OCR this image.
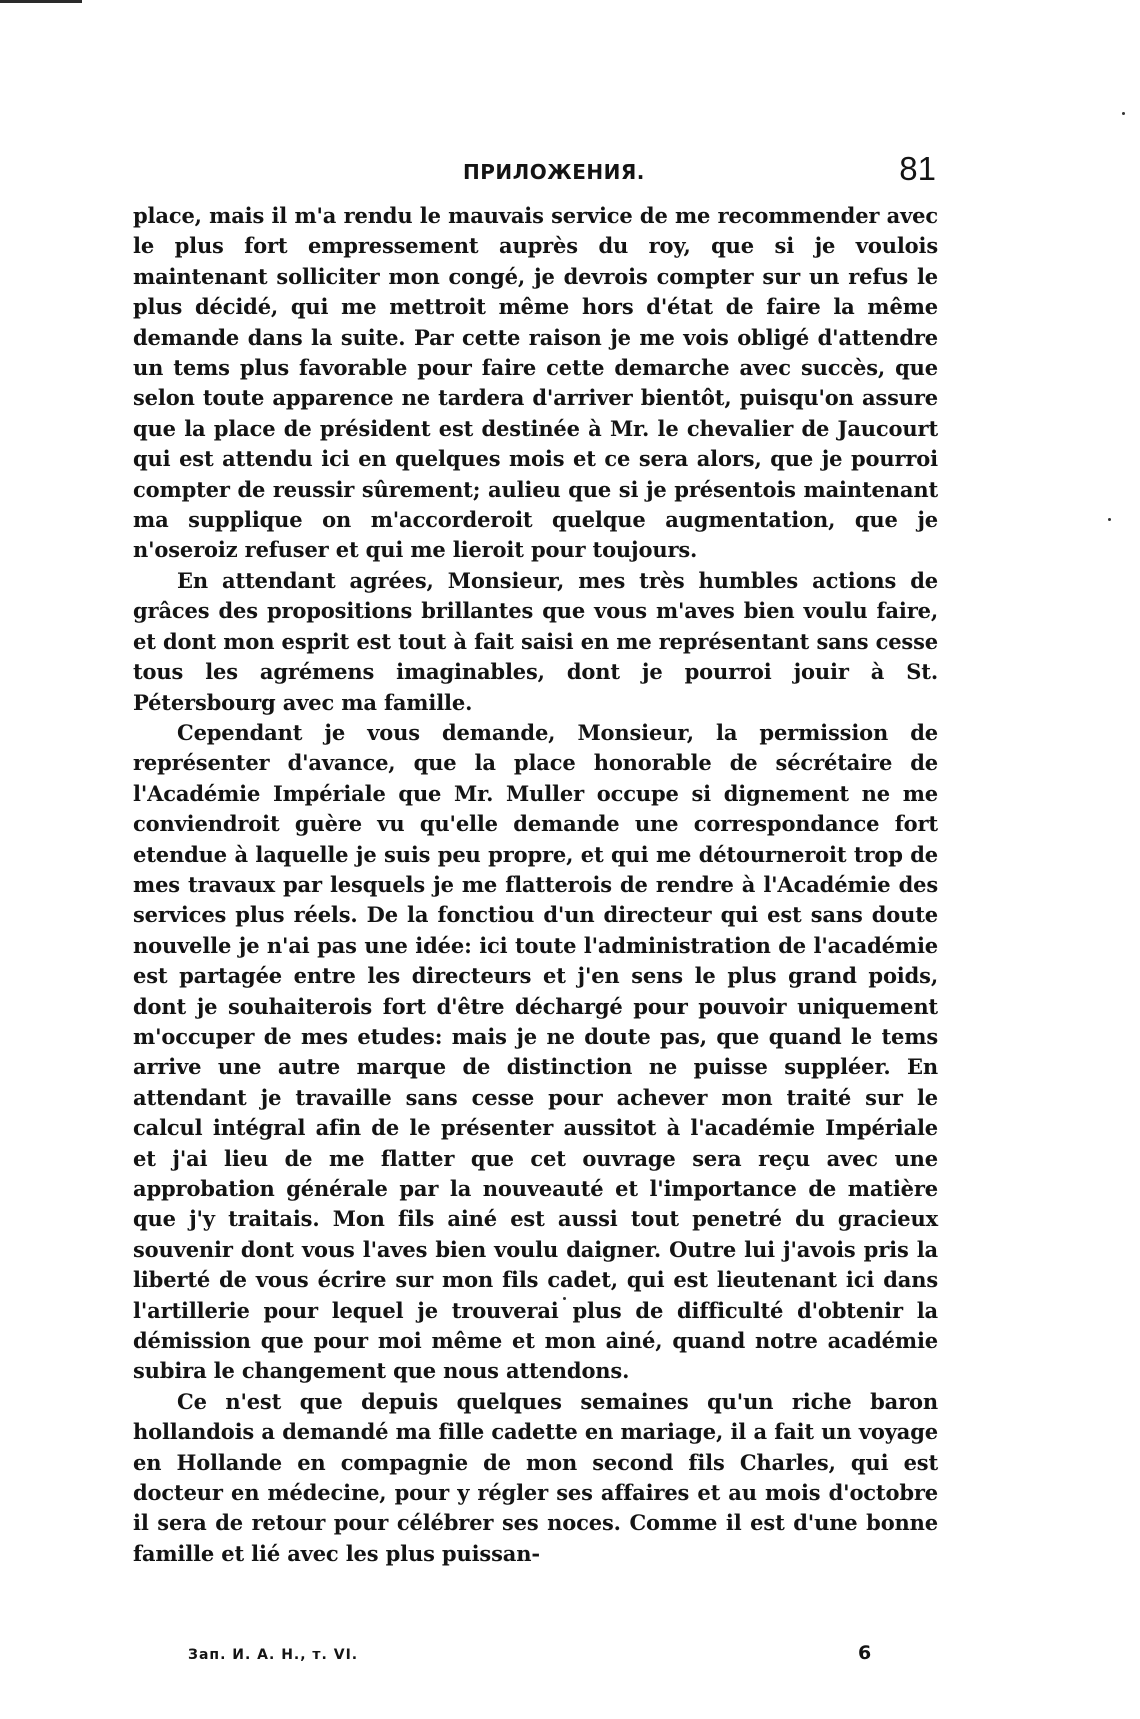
ПРИЛОЖЕНИЯ.	81

place, mais il m'a rendu le mauvais service de me recommender avec le plus fort empressement auprès du roy, que si je voulois maintenant solliciter mon congé, je devrois compter sur un refus le plus décidé, qui me mettroit même hors d'état de faire la même demande dans la suite. Par cette raison je me vois obligé d'attendre un tems plus favorable pour faire cette demarche avec succès, que selon toute apparence ne tardera d'arriver bientôt, puisqu'on assure que la place de président est destinée à Mr. le chevalier de Jaucourt qui est attendu ici en quelques mois et ce sera alors, que je pourroi compter de reussir sûrement; aulieu que si je présentois maintenant ma supplique on m'accorderoit quelque augmentation, que je n'oseroiz refuser et qui me lieroit pour toujours.

En attendant agrées, Monsieur, mes très humbles actions de grâces des propositions brillantes que vous m'aves bien voulu faire, et dont mon esprit est tout à fait saisi en me représentant sans cesse tous les agrémens imaginables, dont je pourroi jouir à St. Pétersbourg avec ma famille.

Cependant je vous demande, Monsieur, la permission de représenter d'avance, que la place honorable de sécrétaire de l'Académie Impériale que Mr. Muller occupe si dignement ne me conviendroit guère vu qu'elle demande une correspondance fort etendue à laquelle je suis peu propre, et qui me détourneroit trop de mes travaux par lesquels je me flatterois de rendre à l'Académie des services plus réels. De la fonctiou d'un directeur qui est sans doute nouvelle je n'ai pas une idée: ici toute l'administration de l'académie est partagée entre les directeurs et j'en sens le plus grand poids, dont je souhaiterois fort d'être déchargé pour pouvoir uniquement m'occuper de mes etudes: mais je ne doute pas, que quand le tems arrive une autre marque de distinction ne puisse suppléer. En attendant je travaille sans cesse pour achever mon traité sur le calcul intégral afin de le présenter aussitot à l'académie Impériale et j'ai lieu de me flatter que cet ouvrage sera reçu avec une approbation générale par la nouveauté et l'importance de matière que j'y traitais. Mon fils ainé est aussi tout penetré du gracieux souvenir dont vous l'aves bien voulu daigner. Outre lui j'avois pris la liberté de vous écrire sur mon fils cadet, qui est lieutenant ici dans l'artillerie pour lequel je trouverai plus de difficulté d'obtenir la démission que pour moi même et mon ainé, quand notre académie subira le changement que nous attendons.

Ce n'est que depuis quelques semaines qu'un riche baron hollandois a demandé ma fille cadette en mariage, il a fait un voyage en Hollande en compagnie de mon second fils Charles, qui est docteur en médecine, pour y régler ses affaires et au mois d'octobre il sera de retour pour célébrer ses noces. Comme il est d'une bonne famille et lié avec les plus puissan-

Зап. И. А. Н., т. VI.	6
